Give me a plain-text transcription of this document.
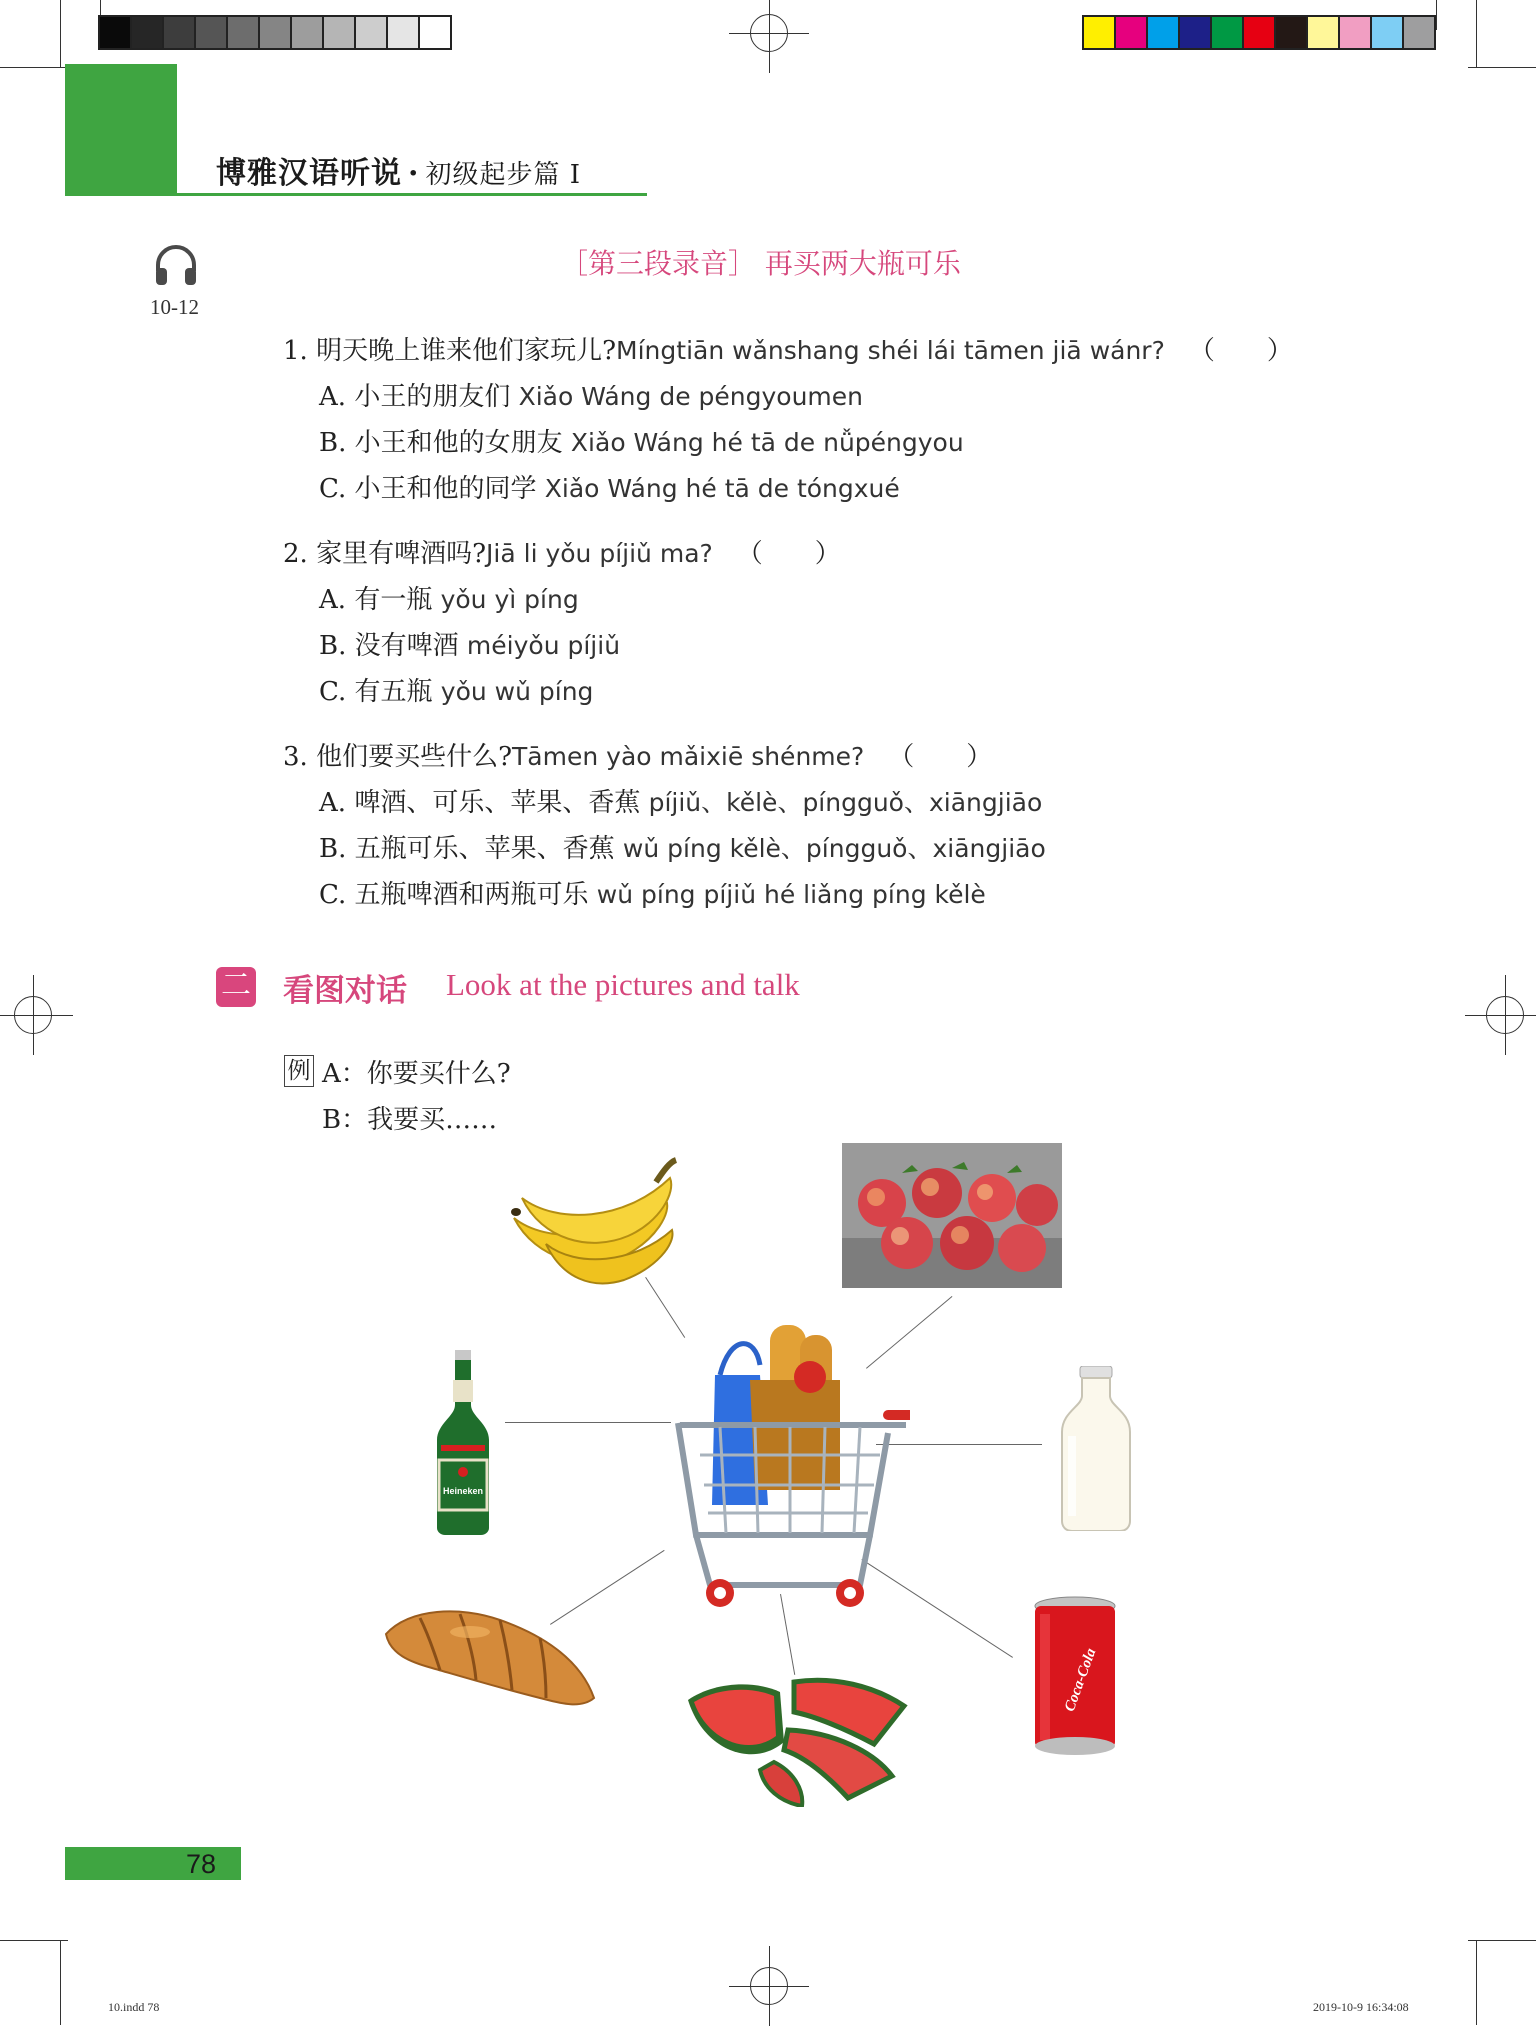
博雅汉语听说 · 初级起步篇 I
10-12
［第三段录音］ 再买两大瓶可乐
1. 明天晚上谁来他们家玩儿?Míngtiān wǎnshang shéi lái tāmen jiā wánr? （　　）
A. 小王的朋友们 Xiǎo Wáng de péngyoumen
B. 小王和他的女朋友 Xiǎo Wáng hé tā de nǚpéngyou
C. 小王和他的同学 Xiǎo Wáng hé tā de tóngxué
2. 家里有啤酒吗?Jiā li yǒu píjiǔ ma? （　　）
A. 有一瓶 yǒu yì píng
B. 没有啤酒 méiyǒu píjiǔ
C. 有五瓶 yǒu wǔ píng
3. 他们要买些什么?Tāmen yào mǎixiē shénme? （　　）
A. 啤酒、可乐、苹果、香蕉 píjiǔ、kělè、píngguǒ、xiāngjiāo
B. 五瓶可乐、苹果、香蕉 wǔ píng kělè、píngguǒ、xiāngjiāo
C. 五瓶啤酒和两瓶可乐 wǔ píng píjiǔ hé liǎng píng kělè
二 看图对话 Look at the pictures and talk
例 A：你要买什么?
B：我要买……
Heineken
Coca-Cola
78
10.indd 78	2019-10-9 16:34:08
